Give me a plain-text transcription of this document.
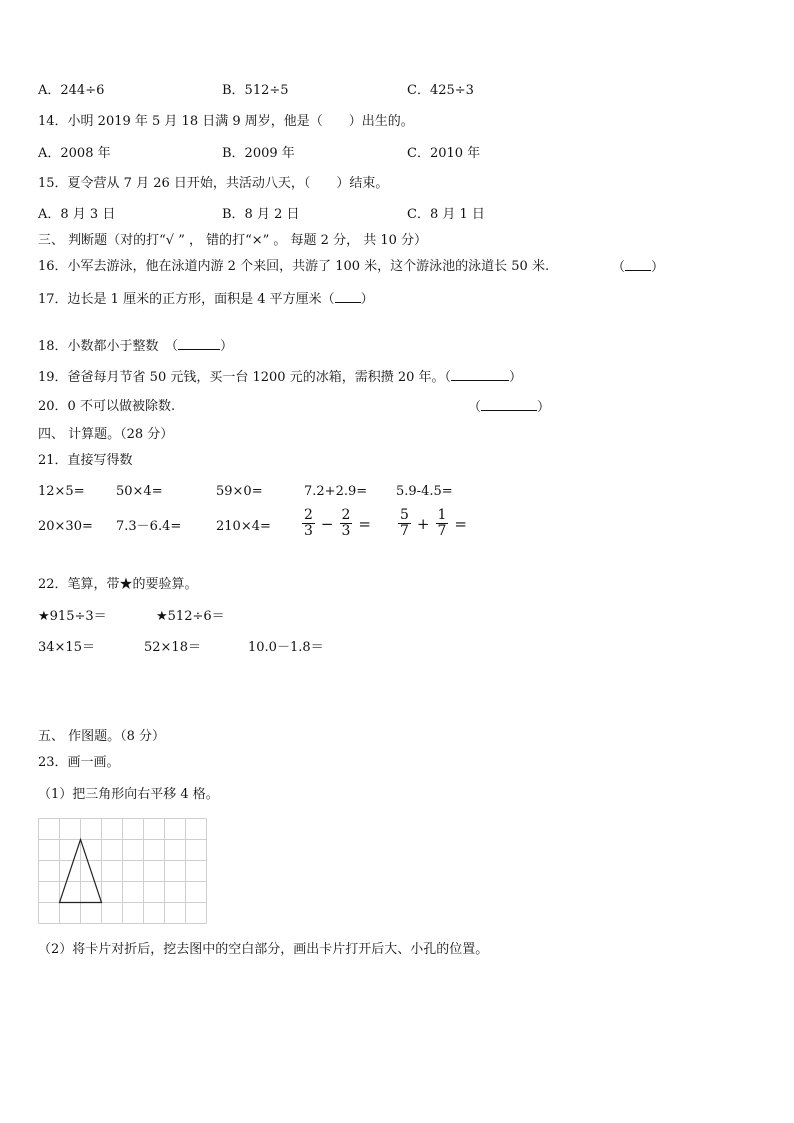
A．244÷6	B．512÷5	C．425÷3
14．小明 2019 年 5 月 18 日满 9 周岁，他是（　　）出生的。
A．2008 年	B．2009 年	C．2010 年
15．夏令营从 7 月 26 日开始，共活动八天，（　　）结束。
A．8 月 3 日	B．8 月 2 日	C．8 月 1 日
三、 判断题（对的打“√ ” ， 错的打“×” 。 每题 2 分， 共 10 分）
16．小军去游泳，他在泳道内游 2 个来回，共游了 100 米，这个游泳池的泳道长 50 米.	（ ）
17．边长是 1 厘米的正方形，面积是 4 平方厘米（ ）
18．小数都小于整数　（	）
19．爸爸每月节省 50 元钱，买一台 1200 元的冰箱，需积攒 20 年。（	）
20．0 不可以做被除数.	（	）
四、 计算题。（28 分）
21．直接写得数
12×5= 50×4=	59×0=	7.2+2.9= 5.9-4.5=
20×30= 7.3－6.4=	$210\times 4= \frac{2}{3} - \frac{2}{3} = \frac{5}{7} + \frac{1}{7}$ =
22．笔算，带★的要验算。
★915÷3＝	★512÷6＝
34×15＝	52×18＝	10.0－1.8＝
五、 作图题。（8 分）
23．画一画。
（1）把三角形向右平移 4 格。
（2）将卡片对折后，挖去图中的空白部分，画出卡片打开后大、小孔的位置。
